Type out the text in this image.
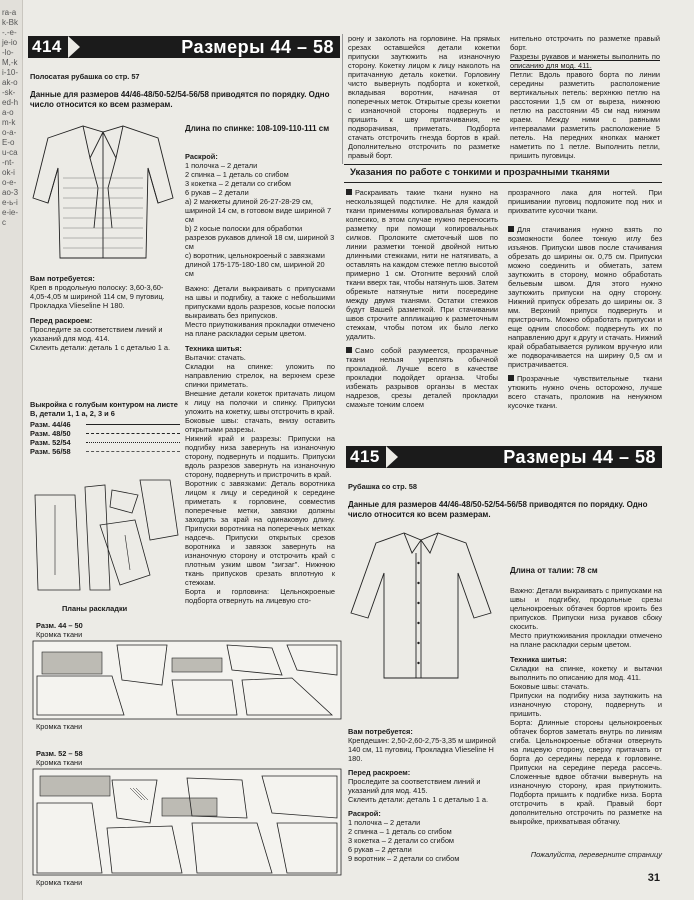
ra-ak-Bk-.-e-je-io-lo-M,-ki-10-ak-o-sk-ed-ha-om-ko-a-E-ou-ca-nt-ok-io-e-ao-3e-ь-ie-ie-c
414	Размеры 44 – 58
Полосатая рубашка со стр. 57
Данные для размеров 44/46-48/50-52/54-56/58 приводятся по порядку. Одно число относится ко всем размерам.
Длина по спинке: 108-109-110-111 см
Раскрой:
1 полочка – 2 детали
2 спинка – 1 деталь со сгибом
3 кокетка – 2 детали со сгибом
6 рукав – 2 детали
а) 2 манжеты длиной 26-27-28-29 см, шириной 14 см, в готовом виде шириной 7 см
b) 2 косые полоски для обработки разрезов рукавов длиной 18 см, шириной 3 см
c) воротник, цельнокроеный с завязками длиной 175-175-180-180 см, шириной 20 см
Важно: Детали выкраивать с припусками на швы и подгибку, а также с небольшими припусками вдоль разрезов, косые полоски выкраивать без припусков.
Место приутюживания прокладки отмечено на плане раскладки серым цветом.
Техника шитья:
Вытачки: стачать.
Складки на спинке: уложить по направлению стрелок, на верхнем срезе спинки приметать.
Внешние детали кокеток притачать лицом к лицу на полочки и спинку. Припуски уложить на кокетку, швы отстрочить в край.
Боковые швы: стачать, внизу оставить открытыми разрезы.
Нижний край и разрезы: Припуски на подгибку низа завернуть на изнаночную сторону, подвернуть и подшить. Припуски вдоль разрезов завернуть на изнаночную сторону, подвернуть и пристрочить в край.
Воротник с завязками: Деталь воротника лицом к лицу и серединой к середине приметать к горловине, совместив поперечные метки, завязки должны заходить за край на одинаковую длину. Припуски воротника на поперечных метках надсечь. Припуски открытых срезов воротника и завязок завернуть на изнаночную сторону и отстрочить край с плотным узким швом "зигзаг". Нижнюю ткань припусков срезать вплотную к стежкам.
Борта и горловина: Цельнокроеные подборта отвернуть на лицевую сто-
Вам потребуется:
Креп в продольную полоску: 3,60-3,60-4,05-4,05 м шириной 114 см, 9 пуговиц. Прокладка Vlieseline H 180.
Перед раскроем:
Проследите за соответствием линий и указаний для мод. 414.
Склеить детали: деталь 1 с деталью 1 а.
Выкройка с голубым контуром на листе В, детали 1, 1 а, 2, 3 и 6
Разм. 44/46
Разм. 48/50
Разм. 52/54
Разм. 56/58
Планы раскладки
Разм. 44 – 50
Кромка ткани
Кромка ткани
Разм. 52 – 58
Кромка ткани
Кромка ткани
рону и заколоть на горловине. На прямых срезах оставшейся детали кокетки припуски заутюжить на изнаночную сторону. Кокетку лицом к лицу наколоть на притачанную деталь кокетки. Горловину чисто вывернуть подборта и кокеткой, вкладывая воротник, начиная от поперечных меток. Открытые срезы кокетки с изнаночной стороны подвернуть и пришить к шву притачивания, не подворачивая, приметать. Подборта стачать отстрочить гнезда бортов в край. Дополнительно отстрочить по разметке правый борт.
нительно отстрочить по разметке правый борт.
Разрезы рукавов и манжеты выполнить по описанию для мод. 411.
Петли: Вдоль правого борта по линии середины разметить расположение вертикальных петель: верхнюю петлю на расстоянии 1,5 см от выреза, нижнюю петлю на расстоянии 45 см над нижним краем. Между ними с равными интервалами разметить расположение 5 петель. На передних кнопках манжет наметить по 1 петле. Выполнить петли, пришить пуговицы.
Указания по работе с тонкими и прозрачными тканями
Раскраивать такие ткани нужно на нескользящей подстилке. Не для каждой ткани применимы копировальная бумага и колесико, в этом случае нужно переносить разметку при помощи копировальных силков. Проложите сметочный шов по линии разметки тонкой двойной нитью длинными стежками, нити не натягивать, а оставлять на каждом стежке петлю высотой примерно 1 см. Отогните верхний слой ткани вверх так, чтобы натянуть шов. Затем обрежьте натянутые нити посередине между двумя тканями. Остатки стежков будут Вашей разметкой. При стачивании швов строчите аппликацию к разметочным стежкам, чтобы потом их было легко удалить.
Само собой разумеется, прозрачные ткани нельзя укреплять обычной прокладкой. Лучше всего в качестве прокладки подойдет органза. Чтобы избежать разрывов органзы в местах надрезов, срезы деталей прокладки смажьте тонким слоем
прозрачного лака для ногтей. При пришивании пуговиц подложите под них и прихватите кусочки ткани.
Для стачивания нужно взять по возможности более тонкую иглу без изъянов. Припуски швов после стачивания обрезать до ширины ок. 0,75 см. Припуски можно соединить и обметать, затем заутюжить в сторону, можно обработать бельевым швом. Для этого нужно заутюжить припуски на одну сторону. Нижний припуск обрезать до ширины ок. 3 мм. Верхний припуск подвернуть и пристрочить. Можно обработать припуски и еще одним способом: подвернуть их по направлению друг к другу и стачать. Нижний край обрабатывается руликом вручную или же подворачивается на ширину 0,5 см и пристрачивается.
Прозрачные чувствительные ткани утюжить нужно очень осторожно, лучше всего стачать, проложив на ненужном кусочке ткани.
415	Размеры 44 – 58
Рубашка со стр. 58
Данные для размеров 44/46-48/50-52/54-56/58 приводятся по порядку. Одно число относится ко всем размерам.
Длина от талии: 78 см
Важно: Детали выкраивать с припусками на швы и подгибку, продольные срезы цельнокроеных обтачек бортов кроить без припусков. Припуски низа рукавов сбоку скосить.
Место приутюживания прокладки отмечено на плане раскладки серым цветом.
Техника шитья:
Складки на спинке, кокетку и вытачки выполнить по описанию для мод. 411.
Боковые швы: стачать.
Припуски на подгибку низа заутюжить на изнаночную сторону, подвернуть и пришить.
Борта: Длинные стороны цельнокроеных обтачек бортов заметать внутрь по линиям сгиба. Цельнокроеные обтачки отвернуть на лицевую сторону, сверху притачать от борта до середины переда к горловине. Припуски на середине переда рассечь. Сложенные вдвое обтачки вывернуть на изнаночную сторону, края приутюжить. Подборта пришить к подгибке низа. Борта отстрочить в край. Правый борт дополнительно отстрочить по разметке на выкройке, прихватывая обтачку.
Вам потребуется:
Крепдешин: 2,50-2,60-2,75-3,35 м шириной 140 см, 11 пуговиц. Прокладка Vlieseline H 180.
Перед раскроем:
Проследите за соответствием линий и указаний для мод. 415.
Склеить детали: деталь 1 с деталью 1 а.
Раскрой:
1 полочка – 2 детали
2 спинка – 1 деталь со сгибом
3 кокетка – 2 детали со сгибом
6 рукав – 2 детали
9 воротник – 2 детали со сгибом	Пожалуйста, переверните страницу
31
